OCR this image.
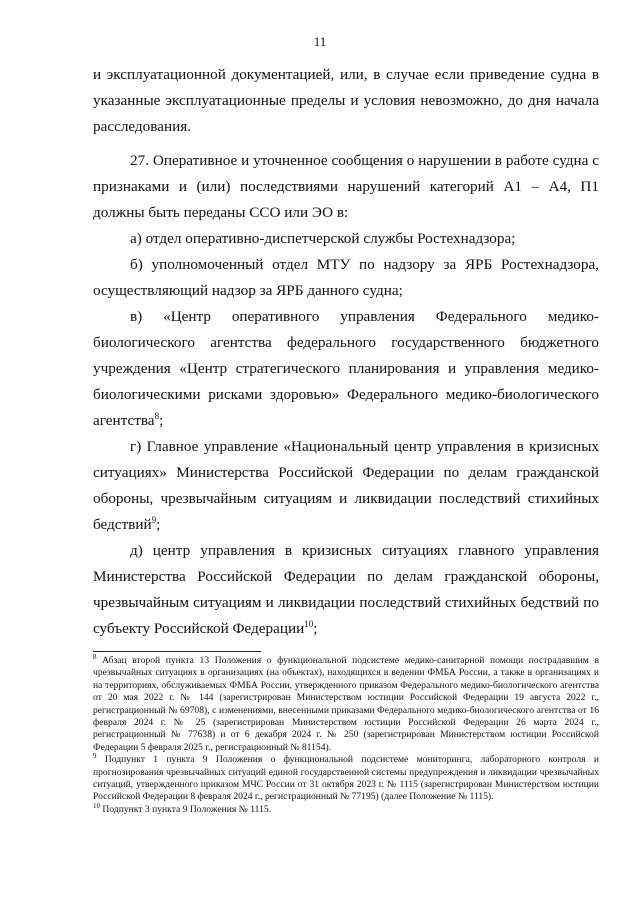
11

и эксплуатационной документацией, или, в случае если приведение судна в указанные эксплуатационные пределы и условия невозможно, до дня начала расследования.

27. Оперативное и уточненное сообщения о нарушении в работе судна с признаками и (или) последствиями нарушений категорий А1 – А4, П1 должны быть переданы ССО или ЭО в:

а) отдел оперативно-диспетчерской службы Ростехнадзора;

б) уполномоченный отдел МТУ по надзору за ЯРБ Ростехнадзора, осуществляющий надзор за ЯРБ данного судна;

в) «Центр оперативного управления Федерального медико-биологического агентства федерального государственного бюджетного учреждения «Центр стратегического планирования и управления медико-биологическими рисками здоровью» Федерального медико-биологического агентства$^8$;

г) Главное управление «Национальный центр управления в кризисных ситуациях» Министерства Российской Федерации по делам гражданской обороны, чрезвычайным ситуациям и ликвидации последствий стихийных бедствий$^9$;

д) центр управления в кризисных ситуациях главного управления Министерства Российской Федерации по делам гражданской обороны, чрезвычайным ситуациям и ликвидации последствий стихийных бедствий по субъекту Российской Федерации$^{10}$;

$^8$ Абзац второй пункта 13 Положения о функциональной подсистеме медико-санитарной помощи пострадавшим в чрезвычайных ситуациях в организациях (на объектах), находящихся в ведении ФМБА России, а также в организациях и на территориях, обслуживаемых ФМБА России, утвержденного приказом Федерального медико-биологического агентства от 20 мая 2022 г. № 144 (зарегистрирован Министерством юстиции Российской Федерации 19 августа 2022 г., регистрационный № 69708), с изменениями, внесенными приказами Федерального медико-биологического агентства от 16 февраля 2024 г. № 25 (зарегистрирован Министерством юстиции Российской Федерации 26 марта 2024 г., регистрационный № 77638) и от 6 декабря 2024 г. № 250 (зарегистрирован Министерством юстиции Российской Федерации 5 февраля 2025 г., регистрационный № 81154).

$^9$ Подпункт 1 пункта 9 Положения о функциональной подсистеме мониторинга, лабораторного контроля и прогнозирования чрезвычайных ситуаций единой государственной системы предупреждения и ликвидации чрезвычайных ситуаций, утвержденного приказом МЧС России от 31 октября 2023 г. № 1115 (зарегистрирован Министерством юстиции Российской Федерации 8 февраля 2024 г., регистрационный № 77195) (далее Положение № 1115).

$^{10}$ Подпункт 3 пункта 9 Положения № 1115.
